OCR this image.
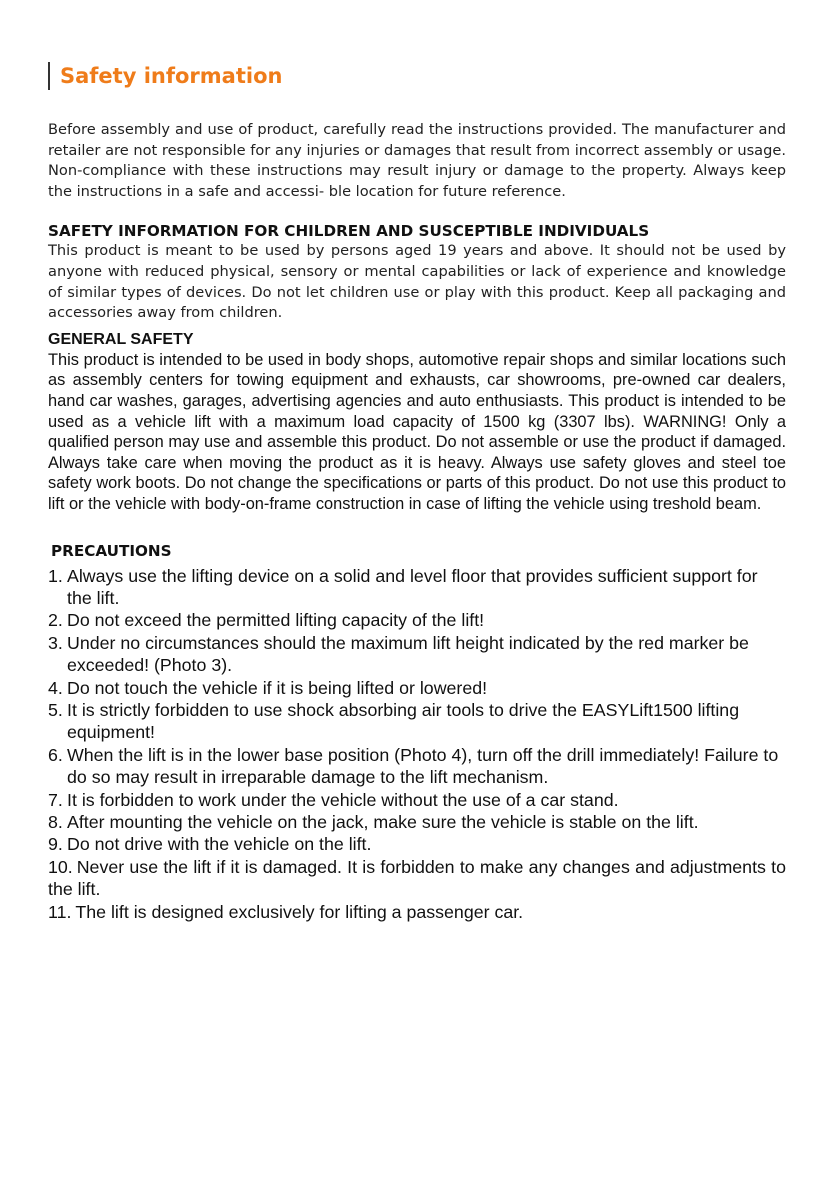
Safety information

Before assembly and use of product, carefully read the instructions provided. The manufacturer and retailer are not responsible for any injuries or damages that result from incorrect assembly or usage. Non-compliance with these instructions may result injury or damage to the property. Always keep the instructions in a safe and accessi- ble location for future reference.

SAFETY INFORMATION FOR CHILDREN AND SUSCEPTIBLE INDIVIDUALS

This product is meant to be used by persons aged 19 years and above. It should not be used by anyone with reduced physical, sensory or mental capabilities or lack of experience and knowledge of similar types of devices. Do not let children use or play with this product. Keep all packaging and accessories away from children.

GENERAL SAFETY

This product is intended to be used in body shops, automotive repair shops and similar locations such as assembly centers for towing equipment and exhausts, car showrooms, pre-owned car dealers, hand car washes, garages, advertising agencies and auto enthusiasts. This product is intended to be used as a vehicle lift with a maximum load capacity of 1500 kg (3307 lbs). WARNING! Only a qualified person may use and assemble this product. Do not assemble or use the product if damaged. Always take care when moving the product as it is heavy. Always use safety gloves and steel toe safety work boots. Do not change the specifications or parts of this product. Do not use this product to lift or the vehicle with body-on-frame construction in case of lifting the vehicle using treshold beam.

PRECAUTIONS
1. Always use the lifting device on a solid and level floor that provides sufficient support for the lift.
2. Do not exceed the permitted lifting capacity of the lift!
3. Under no circumstances should the maximum lift height indicated by the red marker be exceeded! (Photo 3).
4. Do not touch the vehicle if it is being lifted or lowered!
5. It is strictly forbidden to use shock absorbing air tools to drive the EASYLift1500 lifting equipment!
6. When the lift is in the lower base position (Photo 4), turn off the drill immediately! Failure to do so may result in irreparable damage to the lift mechanism.
7. It is forbidden to work under the vehicle without the use of a car stand.
8. After mounting the vehicle on the jack, make sure the vehicle is stable on the lift.
9. Do not drive with the vehicle on the lift.
10. Never use the lift if it is damaged. It is forbidden to make any changes and adjustments to the lift.
11. The lift is designed exclusively for lifting a passenger car.
